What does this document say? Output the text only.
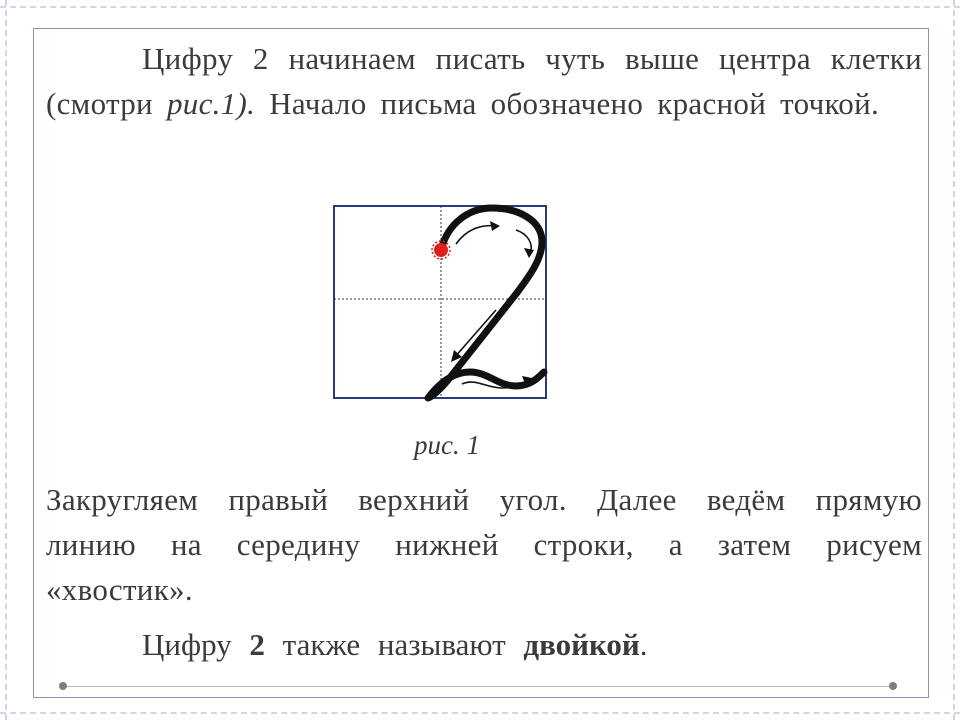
Цифру 2 начинаем писать чуть выше центра клетки (смотри рис.1). Начало письма обозначено красной точкой.

рис. 1

Закругляем правый верхний угол. Далее ведём прямую линию на середину нижней строки, а затем рисуем «хвостик».

Цифру 2 также называют двойкой.
